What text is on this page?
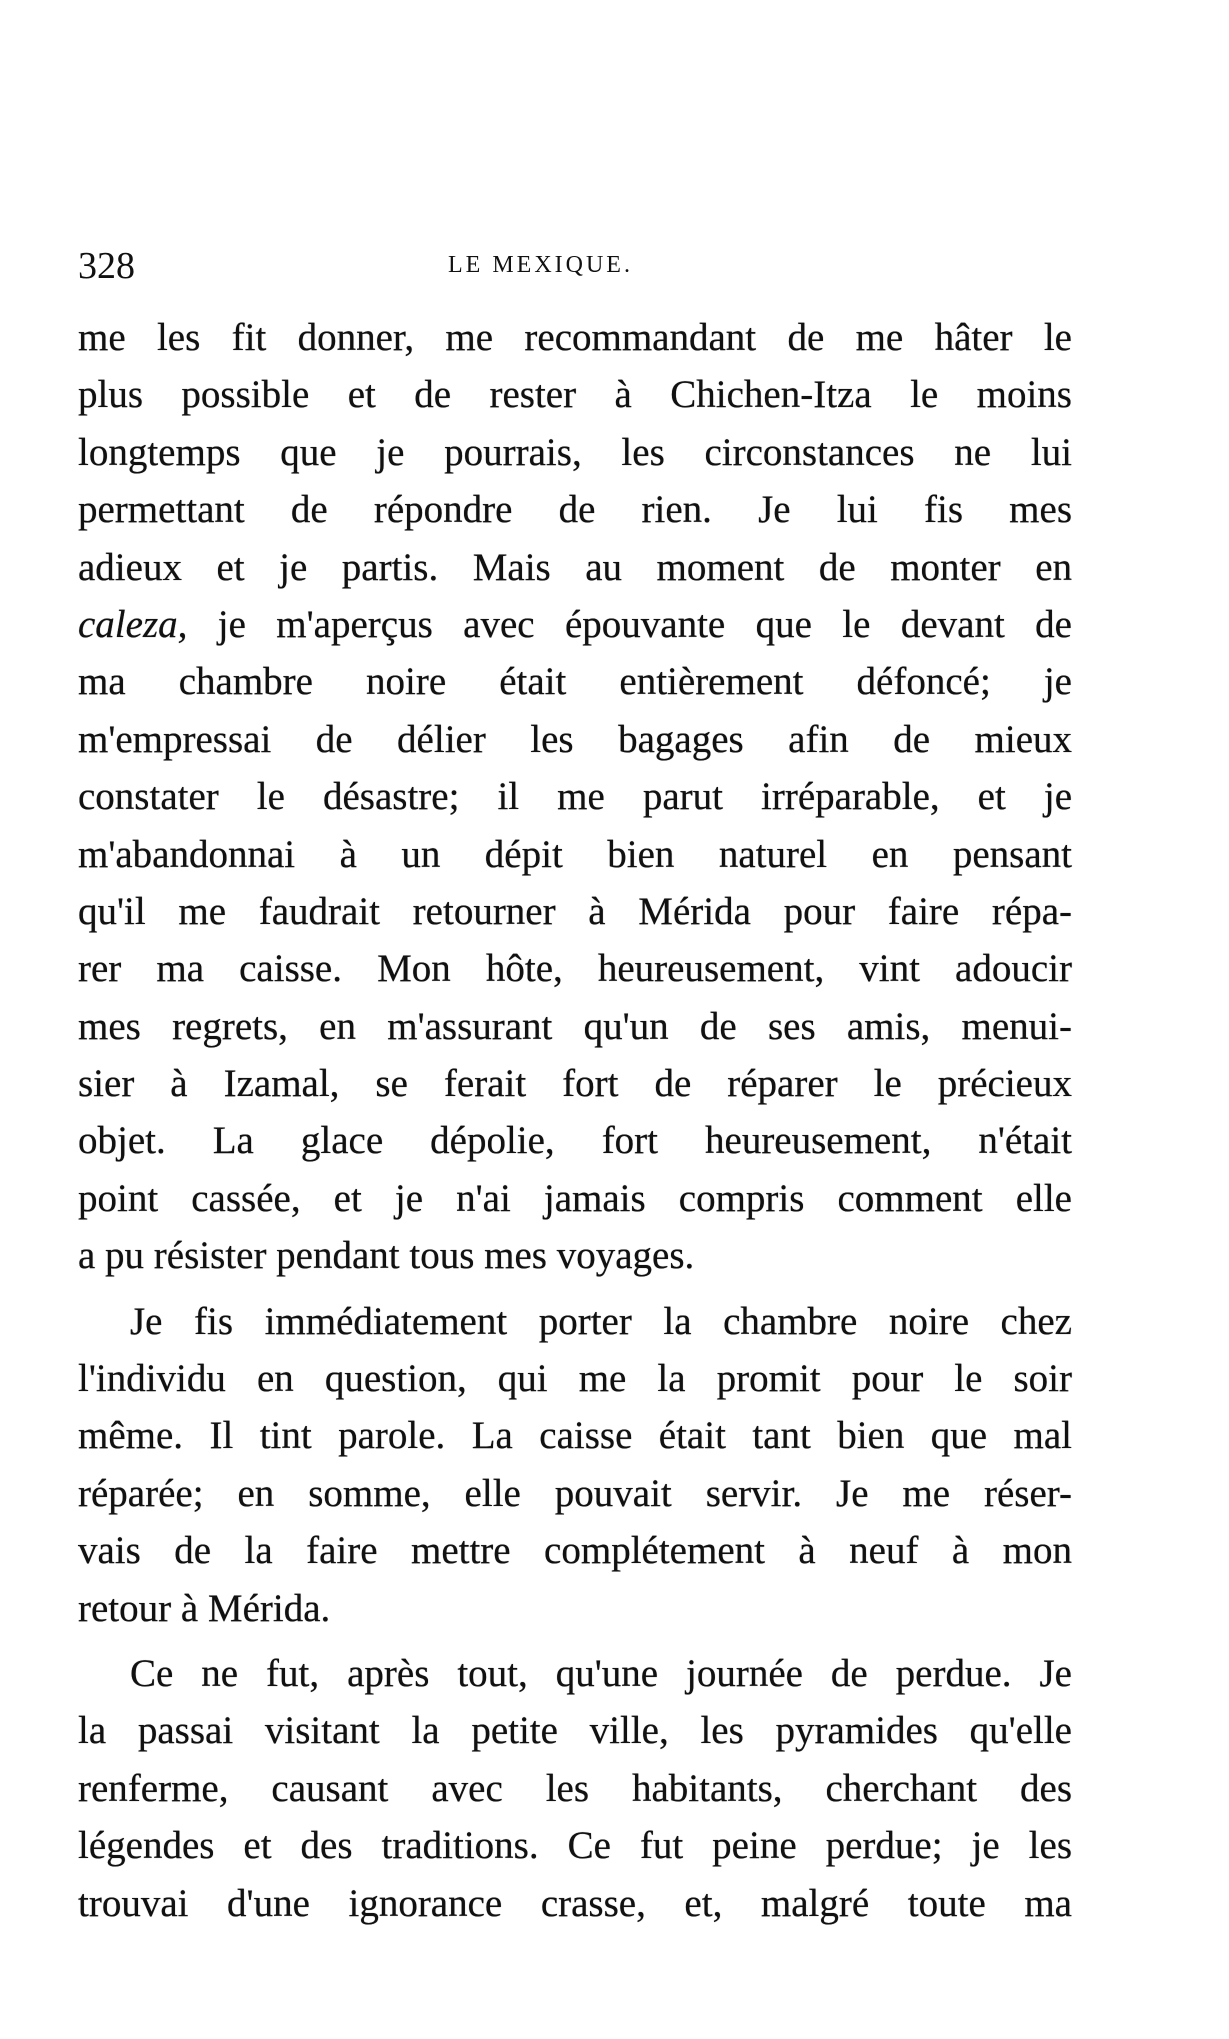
328	LE MEXIQUE.
me les fit donner, me recommandant de me hâter le
plus possible et de rester à Chichen-Itza le moins
longtemps que je pourrais, les circonstances ne lui
permettant de répondre de rien. Je lui fis mes
adieux et je partis. Mais au moment de monter en
caleza, je m'aperçus avec épouvante que le devant de
ma chambre noire était entièrement défoncé; je
m'empressai de délier les bagages afin de mieux
constater le désastre; il me parut irréparable, et je
m'abandonnai à un dépit bien naturel en pensant
qu'il me faudrait retourner à Mérida pour faire répa-
rer ma caisse. Mon hôte, heureusement, vint adoucir
mes regrets, en m'assurant qu'un de ses amis, menui-
sier à Izamal, se ferait fort de réparer le précieux
objet. La glace dépolie, fort heureusement, n'était
point cassée, et je n'ai jamais compris comment elle
a pu résister pendant tous mes voyages.
Je fis immédiatement porter la chambre noire chez
l'individu en question, qui me la promit pour le soir
même. Il tint parole. La caisse était tant bien que mal
réparée; en somme, elle pouvait servir. Je me réser-
vais de la faire mettre complétement à neuf à mon
retour à Mérida.
Ce ne fut, après tout, qu'une journée de perdue. Je
la passai visitant la petite ville, les pyramides qu'elle
renferme, causant avec les habitants, cherchant des
légendes et des traditions. Ce fut peine perdue; je les
trouvai d'une ignorance crasse, et, malgré toute ma
